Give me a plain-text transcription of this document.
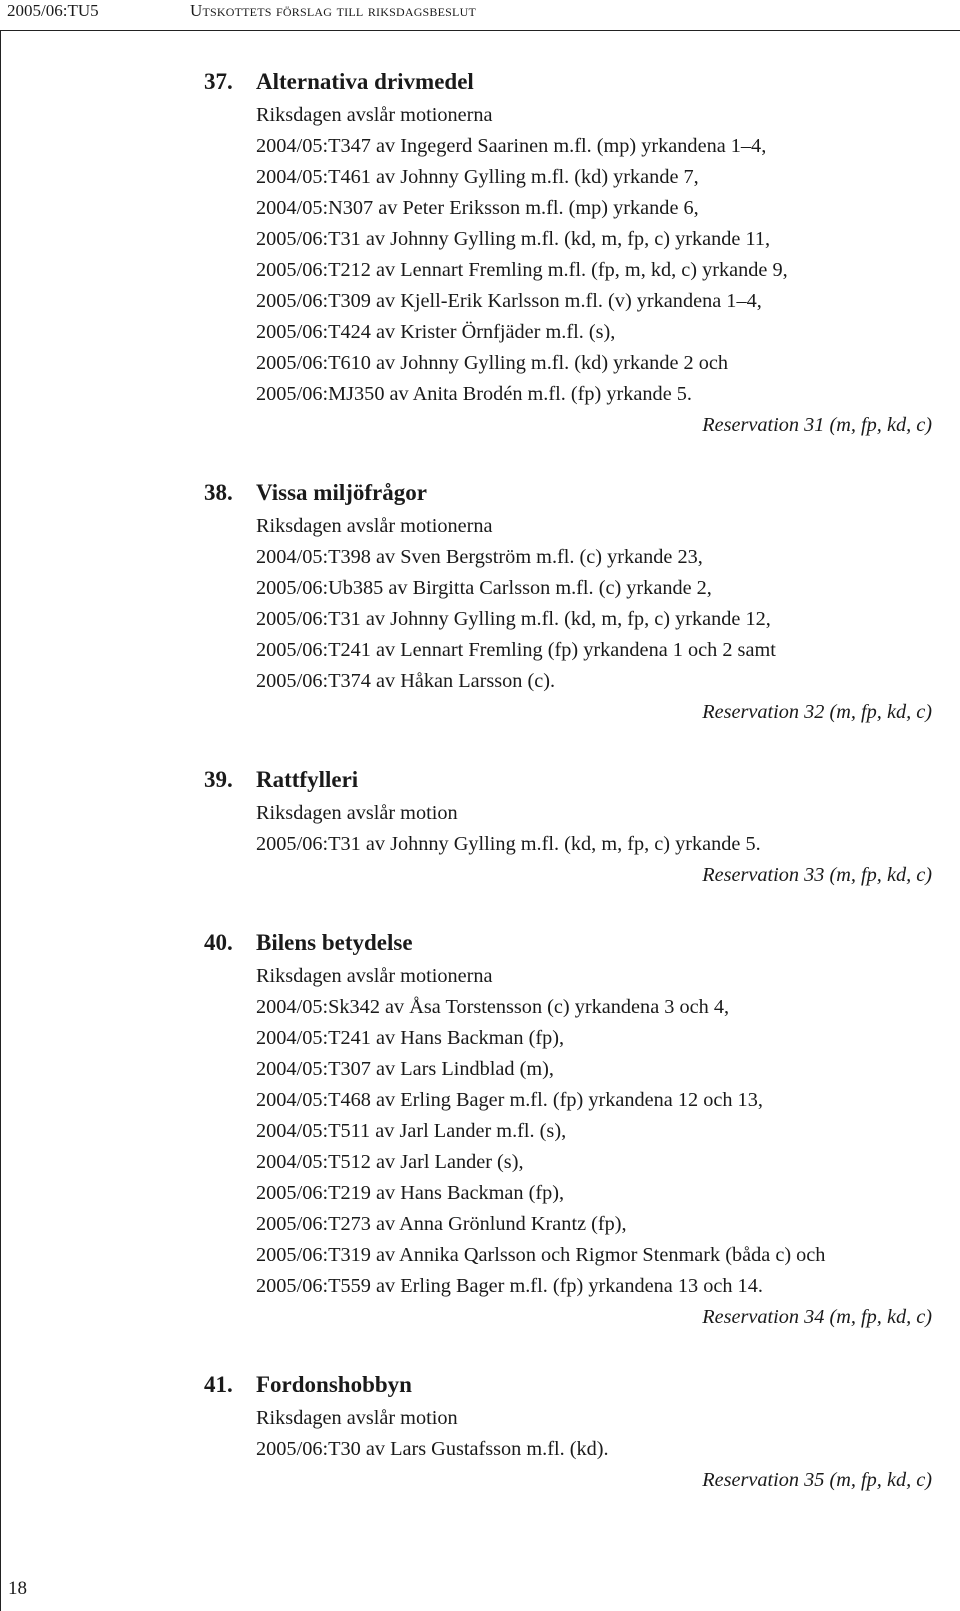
2005/06:TU5	Utskottets förslag till riksdagsbeslut
37. Alternativa drivmedel
Riksdagen avslår motionerna
2004/05:T347 av Ingegerd Saarinen m.fl. (mp) yrkandena 1–4,
2004/05:T461 av Johnny Gylling m.fl. (kd) yrkande 7,
2004/05:N307 av Peter Eriksson m.fl. (mp) yrkande 6,
2005/06:T31 av Johnny Gylling m.fl. (kd, m, fp, c) yrkande 11,
2005/06:T212 av Lennart Fremling m.fl. (fp, m, kd, c) yrkande 9,
2005/06:T309 av Kjell-Erik Karlsson m.fl. (v) yrkandena 1–4,
2005/06:T424 av Krister Örnfjäder m.fl. (s),
2005/06:T610 av Johnny Gylling m.fl. (kd) yrkande 2 och
2005/06:MJ350 av Anita Brodén m.fl. (fp) yrkande 5.
Reservation 31 (m, fp, kd, c)
38. Vissa miljöfrågor
Riksdagen avslår motionerna
2004/05:T398 av Sven Bergström m.fl. (c) yrkande 23,
2005/06:Ub385 av Birgitta Carlsson m.fl. (c) yrkande 2,
2005/06:T31 av Johnny Gylling m.fl. (kd, m, fp, c) yrkande 12,
2005/06:T241 av Lennart Fremling (fp) yrkandena 1 och 2 samt
2005/06:T374 av Håkan Larsson (c).
Reservation 32 (m, fp, kd, c)
39. Rattfylleri
Riksdagen avslår motion
2005/06:T31 av Johnny Gylling m.fl. (kd, m, fp, c) yrkande 5.
Reservation 33 (m, fp, kd, c)
40. Bilens betydelse
Riksdagen avslår motionerna
2004/05:Sk342 av Åsa Torstensson (c) yrkandena 3 och 4,
2004/05:T241 av Hans Backman (fp),
2004/05:T307 av Lars Lindblad (m),
2004/05:T468 av Erling Bager m.fl. (fp) yrkandena 12 och 13,
2004/05:T511 av Jarl Lander m.fl. (s),
2004/05:T512 av Jarl Lander (s),
2005/06:T219 av Hans Backman (fp),
2005/06:T273 av Anna Grönlund Krantz (fp),
2005/06:T319 av Annika Qarlsson och Rigmor Stenmark (båda c) och
2005/06:T559 av Erling Bager m.fl. (fp) yrkandena 13 och 14.
Reservation 34 (m, fp, kd, c)
41. Fordonshobbyn
Riksdagen avslår motion
2005/06:T30 av Lars Gustafsson m.fl. (kd).
Reservation 35 (m, fp, kd, c)
18
